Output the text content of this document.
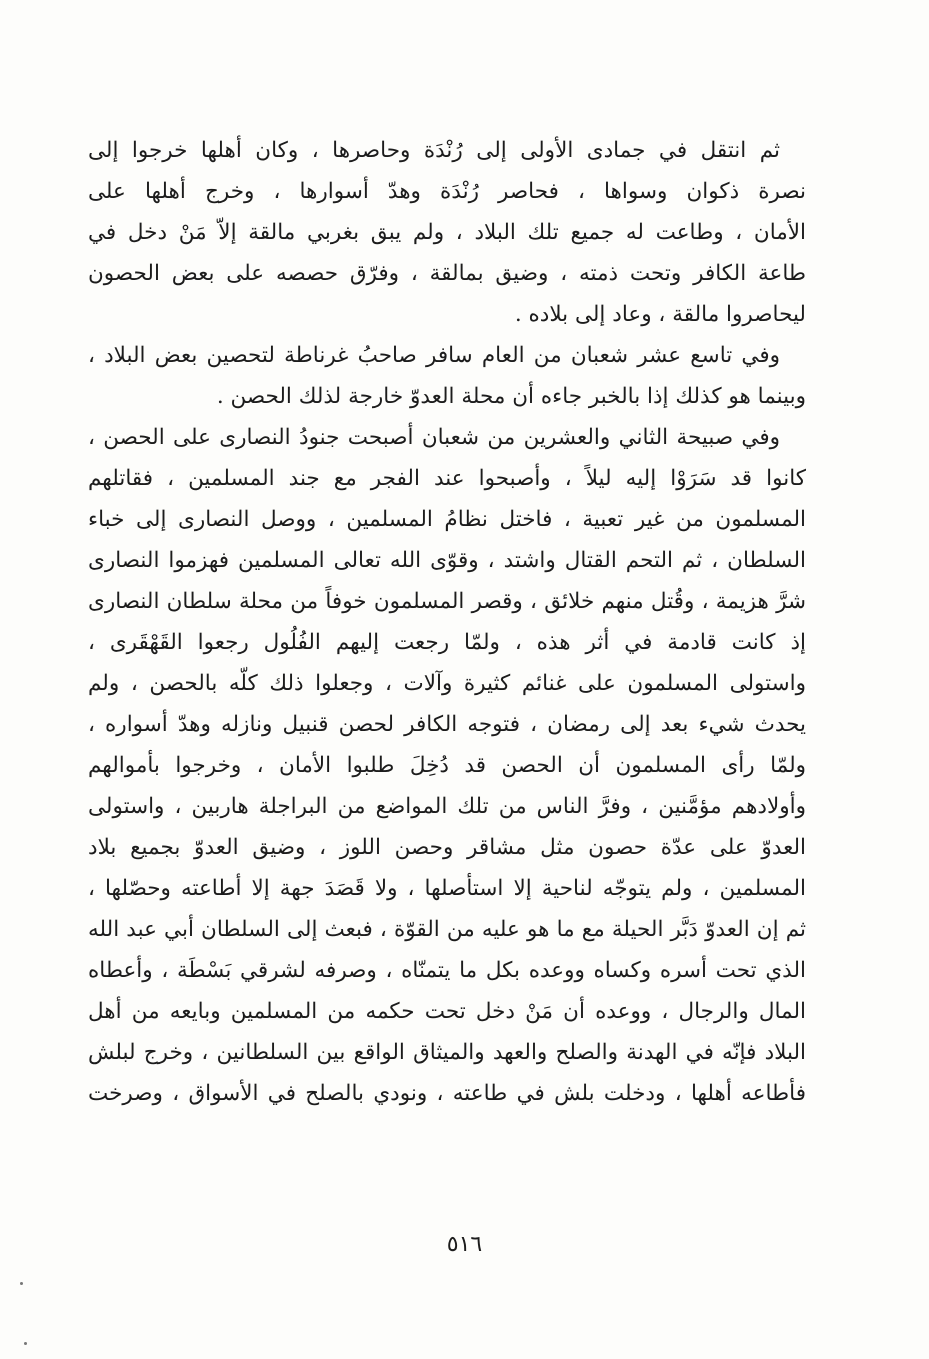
ثم انتقل في جمادى الأولى إلى رُنْدَة وحاصرها ، وكان أهلها خرجوا إلى
نصرة ذكوان وسواها ، فحاصر رُنْدَة وهدّ أسوارها ، وخرج أهلها على
الأمان ، وطاعت له جميع تلك البلاد ، ولم يبق بغربي مالقة إلاّ مَنْ دخل في
طاعة الكافر وتحت ذمته ، وضيق بمالقة ، وفرّق حصصه على بعض الحصون
ليحاصروا مالقة ، وعاد إلى بلاده .
وفي تاسع عشر شعبان من العام سافر صاحبُ غرناطة لتحصين بعض البلاد ،
وبينما هو كذلك إذا بالخبر جاءه أن محلة العدوّ خارجة لذلك الحصن .
وفي صبيحة الثاني والعشرين من شعبان أصبحت جنودُ النصارى على الحصن ،
كانوا قد سَرَوْا إليه ليلاً ، وأصبحوا عند الفجر مع جند المسلمين ، فقاتلهم
المسلمون من غير تعبية ، فاختل نظامُ المسلمين ، ووصل النصارى إلى خباء
السلطان ، ثم التحم القتال واشتد ، وقوّى الله تعالى المسلمين فهزموا النصارى
شرَّ هزيمة ، وقُتل منهم خلائق ، وقصر المسلمون خوفاً من محلة سلطان النصارى
إذ كانت قادمة في أثر هذه ، ولمّا رجعت إليهم الفُلُول رجعوا القَهْقَرى ،
واستولى المسلمون على غنائم كثيرة وآلات ، وجعلوا ذلك كلّه بالحصن ، ولم
يحدث شيء بعد إلى رمضان ، فتوجه الكافر لحصن قنبيل ونازله وهدّ أسواره ،
ولمّا رأى المسلمون أن الحصن قد دُخِلَ طلبوا الأمان ، وخرجوا بأموالهم
وأولادهم مؤمَّنين ، وفرَّ الناس من تلك المواضع من البراجلة هاربين ، واستولى
العدوّ على عدّة حصون مثل مشاقر وحصن اللوز ، وضيق العدوّ بجميع بلاد
المسلمين ، ولم يتوجّه لناحية إلا استأصلها ، ولا قَصَدَ جهة إلا أطاعته وحصّلها ،
ثم إن العدوّ دَبَّر الحيلة مع ما هو عليه من القوّة ، فبعث إلى السلطان أبي عبد الله
الذي تحت أسره وكساه ووعده بكل ما يتمنّاه ، وصرفه لشرقي بَسْطَة ، وأعطاه
المال والرجال ، ووعده أن مَنْ دخل تحت حكمه من المسلمين وبايعه من أهل
البلاد فإنّه في الهدنة والصلح والعهد والميثاق الواقع بين السلطانين ، وخرج لبلش
فأطاعه أهلها ، ودخلت بلش في طاعته ، ونودي بالصلح في الأسواق ، وصرخت
٥١٦
